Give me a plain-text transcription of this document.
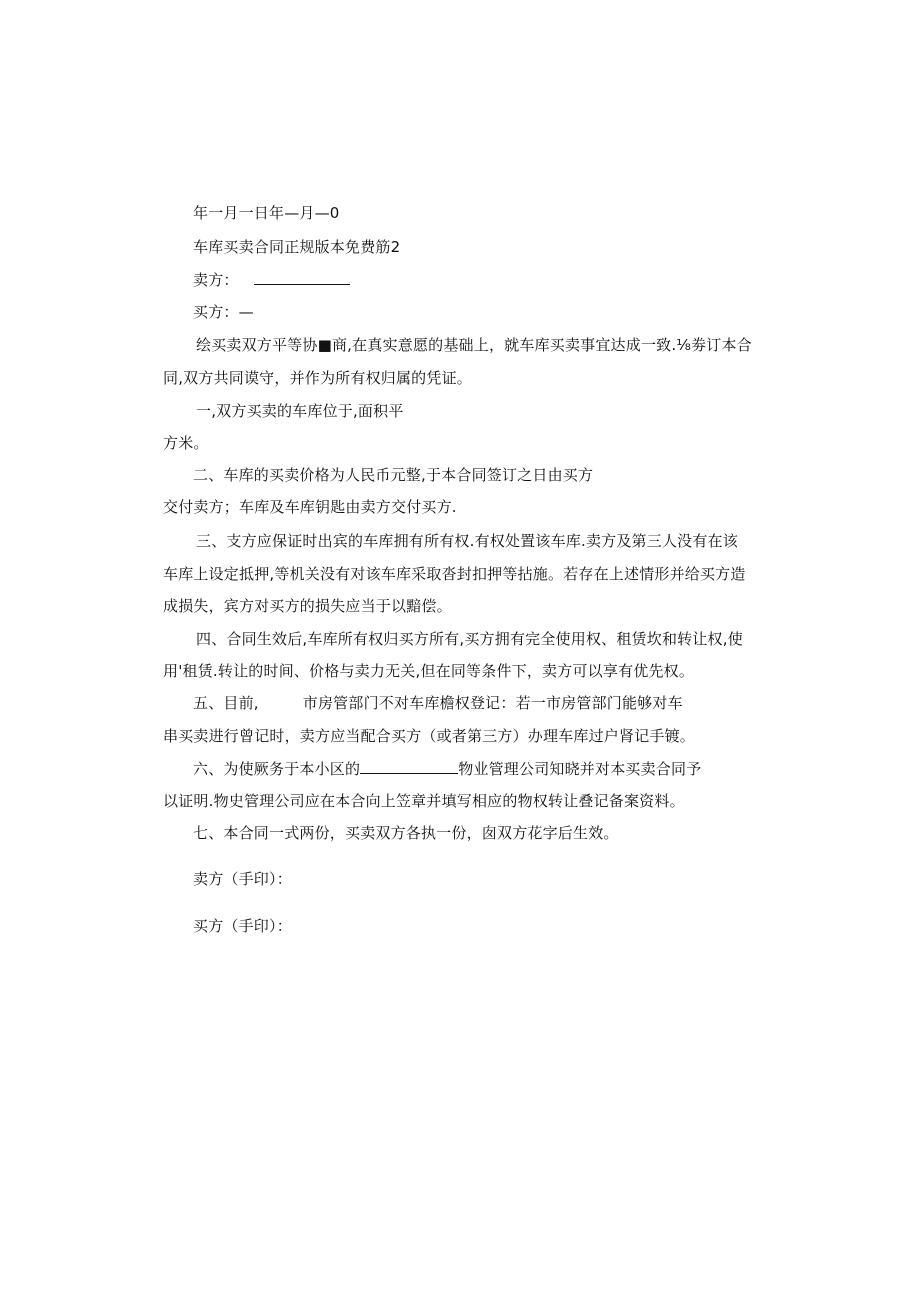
年一月一日年—月—0
车库买卖合同正规版本免费筋2
卖方：
买方：—
绘买卖双方平等协■商,在真实意愿的基础上，就车库买卖事宜达成一致.⅛劵订本合
同,双方共同谟守，并作为所有权归属的凭证。
一,双方买卖的车库位于,面积平
方米。
二、车库的买卖价格为人民币元整,于本合同签订之日由买方
交付卖方；车库及车库钥匙由卖方交付买方.
三、支方应保证时出宾的车库拥有所有权.有权处置该车库.卖方及第三人没有在该
车库上设定抵押,等机关没有对该车库采取沓封扣押等拈施。若存在上述情形并给买方造
成损失，宾方对买方的损失应当于以黯偿。
四、合同生效后,车库所有权归买方所有,买方拥有完全使用权、租赁坎和转让权,使
用'租赁.转让的时间、价格与卖力无关,但在同等条件下，卖方可以享有优先权。
五、目前,	市房管部门不对车库檐权登记：若一市房管部门能够对车
串买卖进行曾记时，卖方应当配合买方（或者第三方）办理车库过户肾记手镀。
六、为使厥务于本小区的	物业管理公司知晓并对本买卖合同予
以证明.物史管理公司应在本合向上笠章并填写相应的物权转让叠记备案资料。
七、本合同一式两份，买卖双方各执一份，囱双方花字后生效。
卖方（手印）：
买方（手印）：
